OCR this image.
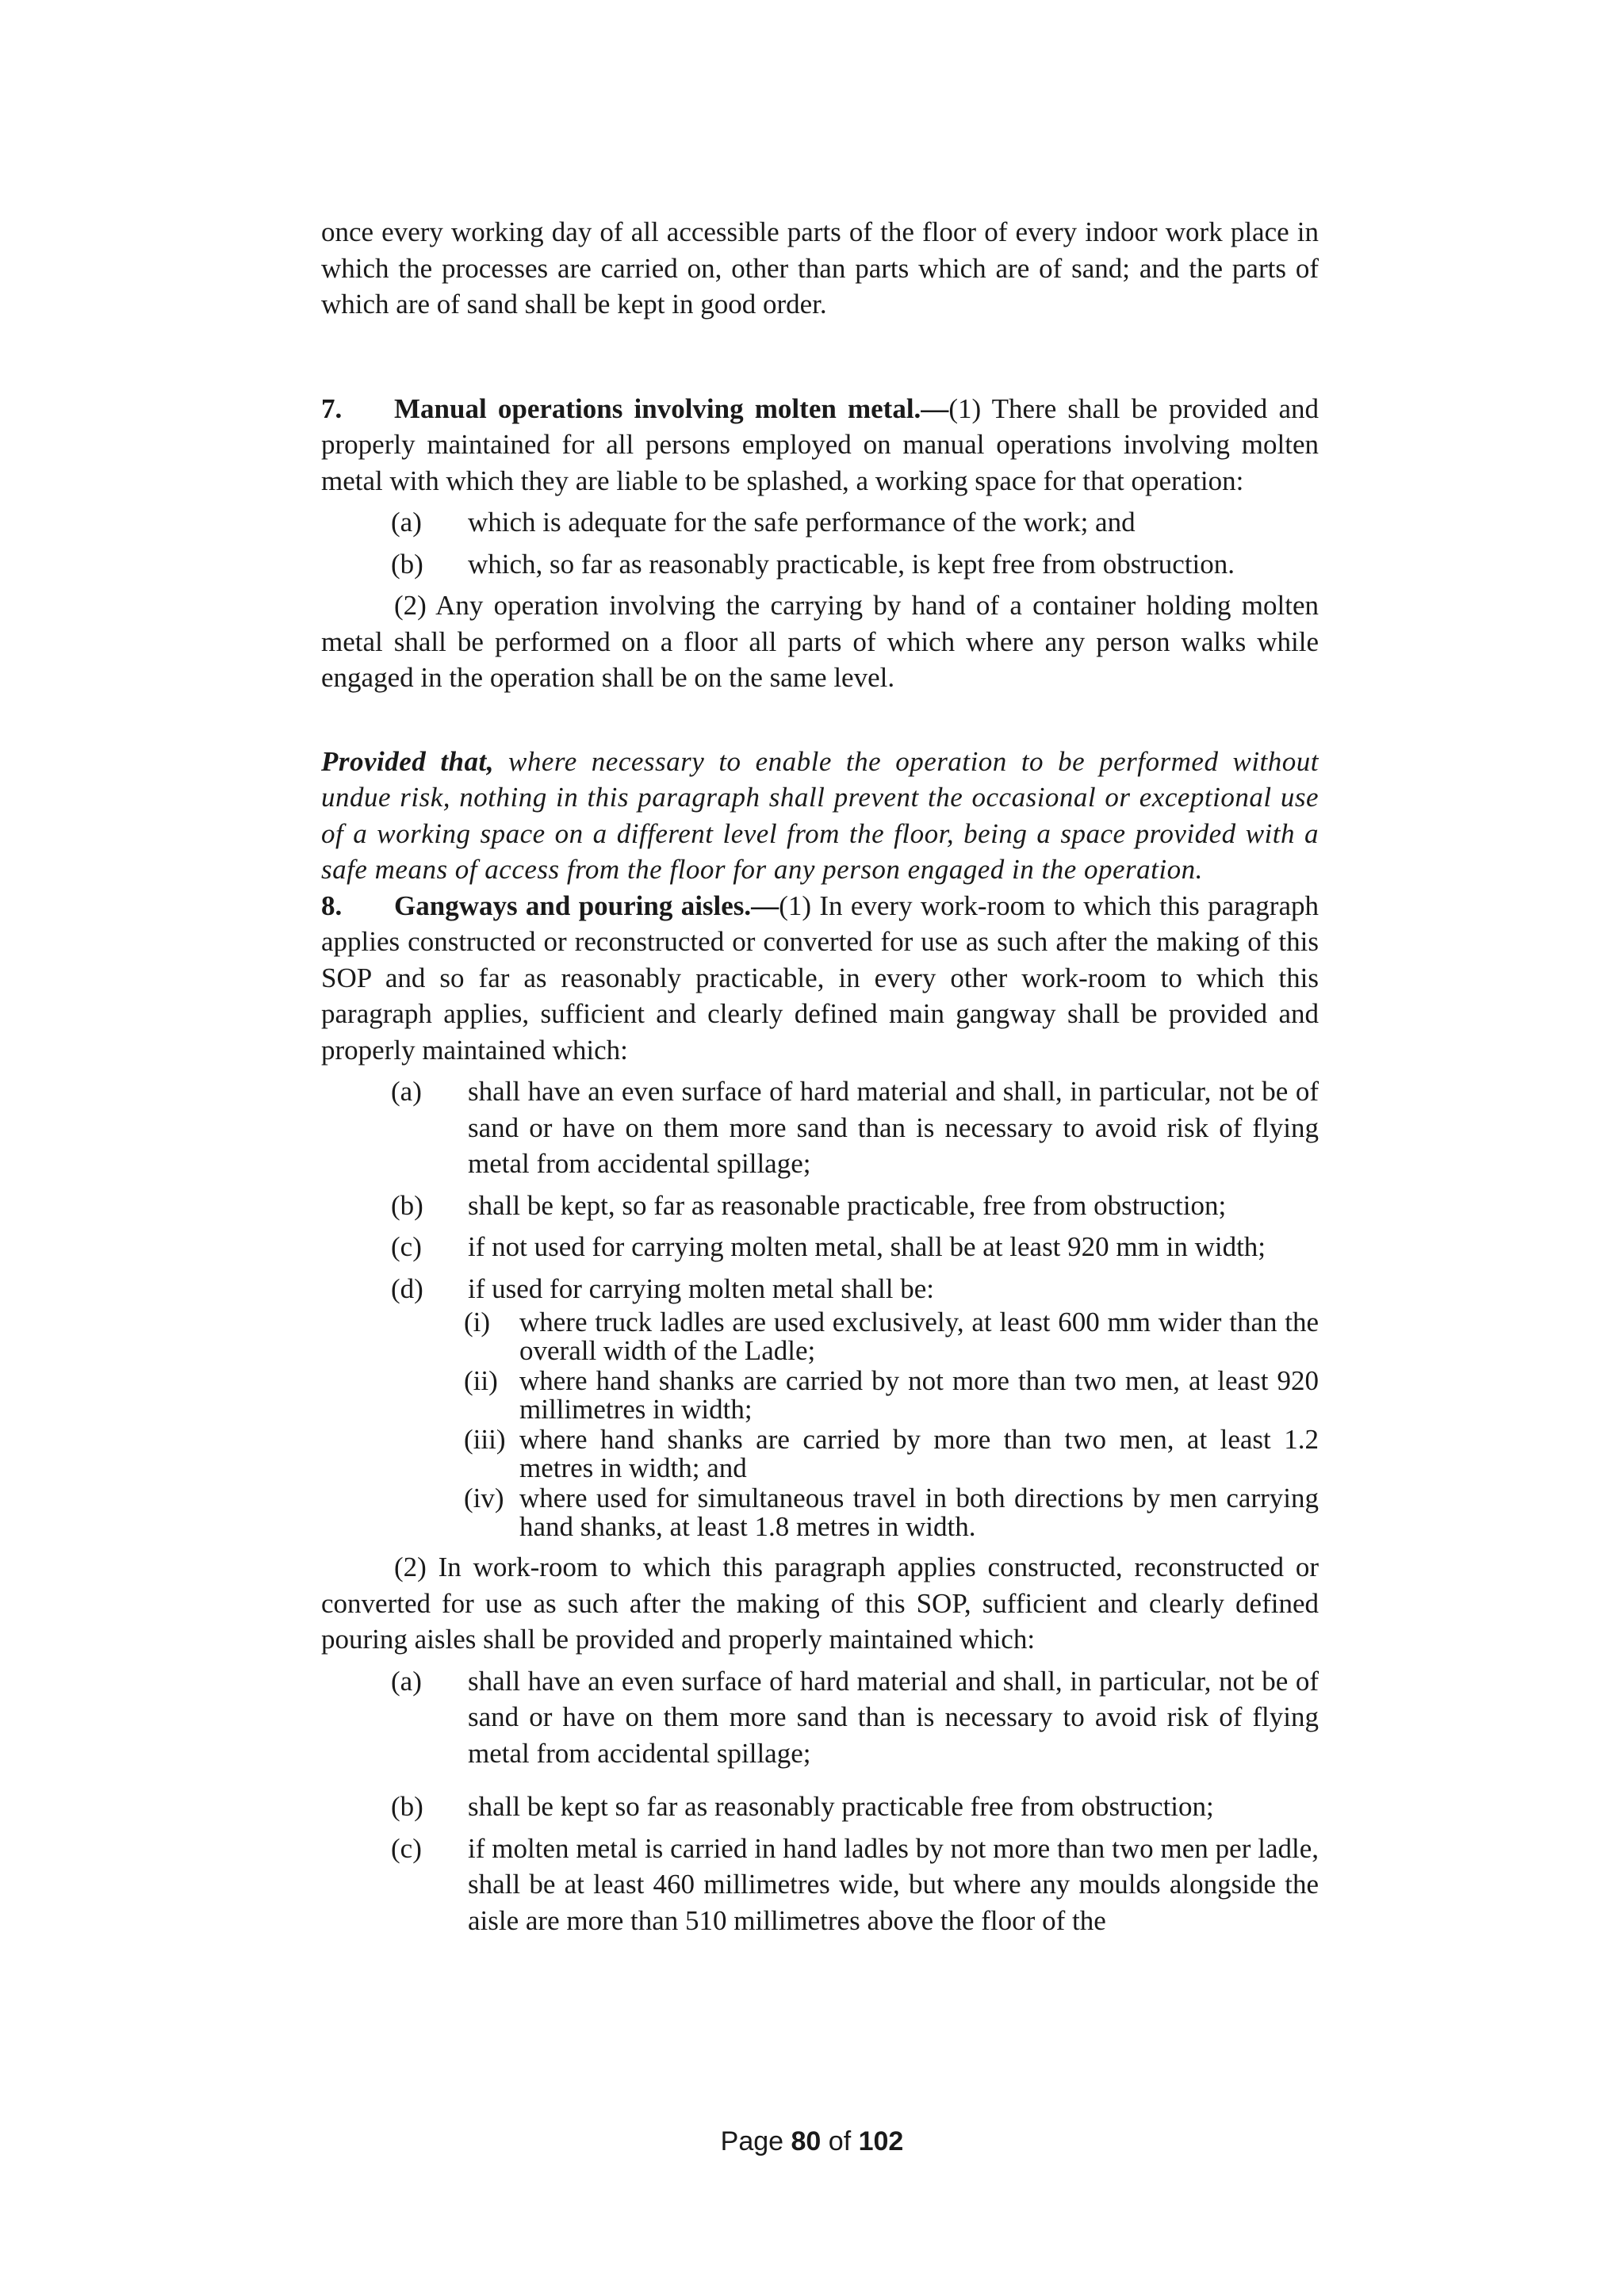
once every working day of all accessible parts of the floor of every indoor work place in which the processes are carried on, other than parts which are of sand; and the parts of which are of sand shall be kept in good order.

7. Manual operations involving molten metal.—(1) There shall be provided and properly maintained for all persons employed on manual operations involving molten metal with which they are liable to be splashed, a working space for that operation:

(a) which is adequate for the safe performance of the work; and
(b) which, so far as reasonably practicable, is kept free from obstruction.

(2) Any operation involving the carrying by hand of a container holding molten metal shall be performed on a floor all parts of which where any person walks while engaged in the operation shall be on the same level.

Provided that, where necessary to enable the operation to be performed without undue risk, nothing in this paragraph shall prevent the occasional or exceptional use of a working space on a different level from the floor, being a space provided with a safe means of access from the floor for any person engaged in the operation.

8. Gangways and pouring aisles.—(1) In every work-room to which this paragraph applies constructed or reconstructed or converted for use as such after the making of this SOP and so far as reasonably practicable, in every other work-room to which this paragraph applies, sufficient and clearly defined main gangway shall be provided and properly maintained which:

(a) shall have an even surface of hard material and shall, in particular, not be of sand or have on them more sand than is necessary to avoid risk of flying metal from accidental spillage;
(b) shall be kept, so far as reasonable practicable, free from obstruction;
(c) if not used for carrying molten metal, shall be at least 920 mm in width;
(d) if used for carrying molten metal shall be:
(i) where truck ladles are used exclusively, at least 600 mm wider than the overall width of the Ladle;
(ii) where hand shanks are carried by not more than two men, at least 920 millimetres in width;
(iii) where hand shanks are carried by more than two men, at least 1.2 metres in width; and
(iv) where used for simultaneous travel in both directions by men carrying hand shanks, at least 1.8 metres in width.

(2) In work-room to which this paragraph applies constructed, reconstructed or converted for use as such after the making of this SOP, sufficient and clearly defined pouring aisles shall be provided and properly maintained which:

(a) shall have an even surface of hard material and shall, in particular, not be of sand or have on them more sand than is necessary to avoid risk of flying metal from accidental spillage;
(b) shall be kept so far as reasonably practicable free from obstruction;
(c) if molten metal is carried in hand ladles by not more than two men per ladle, shall be at least 460 millimetres wide, but where any moulds alongside the aisle are more than 510 millimetres above the floor of the
Page 80 of 102
